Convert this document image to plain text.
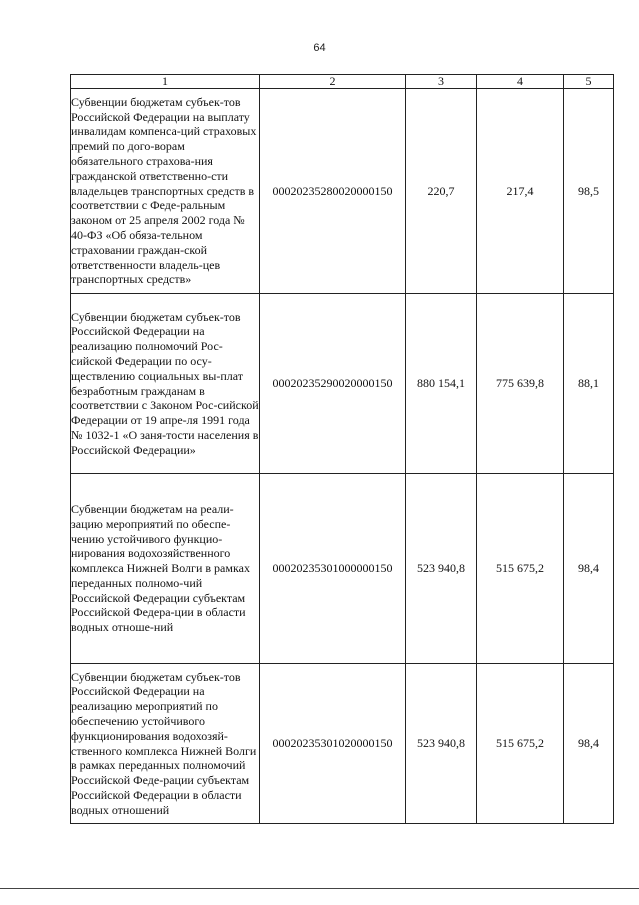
64
1	2	3	4	5
Субвенции бюджетам субъек-тов Российской Федерации на выплату инвалидам компенса-ций страховых премий по дого-ворам обязательного страхова-ния гражданской ответственно-сти владельцев транспортных средств в соответствии с Феде-ральным законом от 25 апреля 2002 года № 40-ФЗ «Об обяза-тельном страховании граждан-ской ответственности владель-цев транспортных средств»	00020235280020000150	220,7	217,4	98,5
Субвенции бюджетам субъек-тов Российской Федерации на реализацию полномочий Рос-сийской Федерации по осу-ществлению социальных вы-плат безработным гражданам в соответствии с Законом Рос-сийской Федерации от 19 апре-ля 1991 года № 1032-1 «О заня-тости населения в Российской Федерации»	00020235290020000150	880 154,1	775 639,8	88,1
Субвенции бюджетам на реали-зацию мероприятий по обеспе-чению устойчивого функцио-нирования водохозяйственного комплекса Нижней Волги в рамках переданных полномо-чий Российской Федерации субъектам Российской Федера-ции в области водных отноше-ний	00020235301000000150	523 940,8	515 675,2	98,4
Субвенции бюджетам субъек-тов Российской Федерации на реализацию мероприятий по обеспечению устойчивого функционирования водохозяй-ственного комплекса Нижней Волги в рамках переданных полномочий Российской Феде-рации субъектам Российской Федерации в области водных отношений	00020235301020000150	523 940,8	515 675,2	98,4
